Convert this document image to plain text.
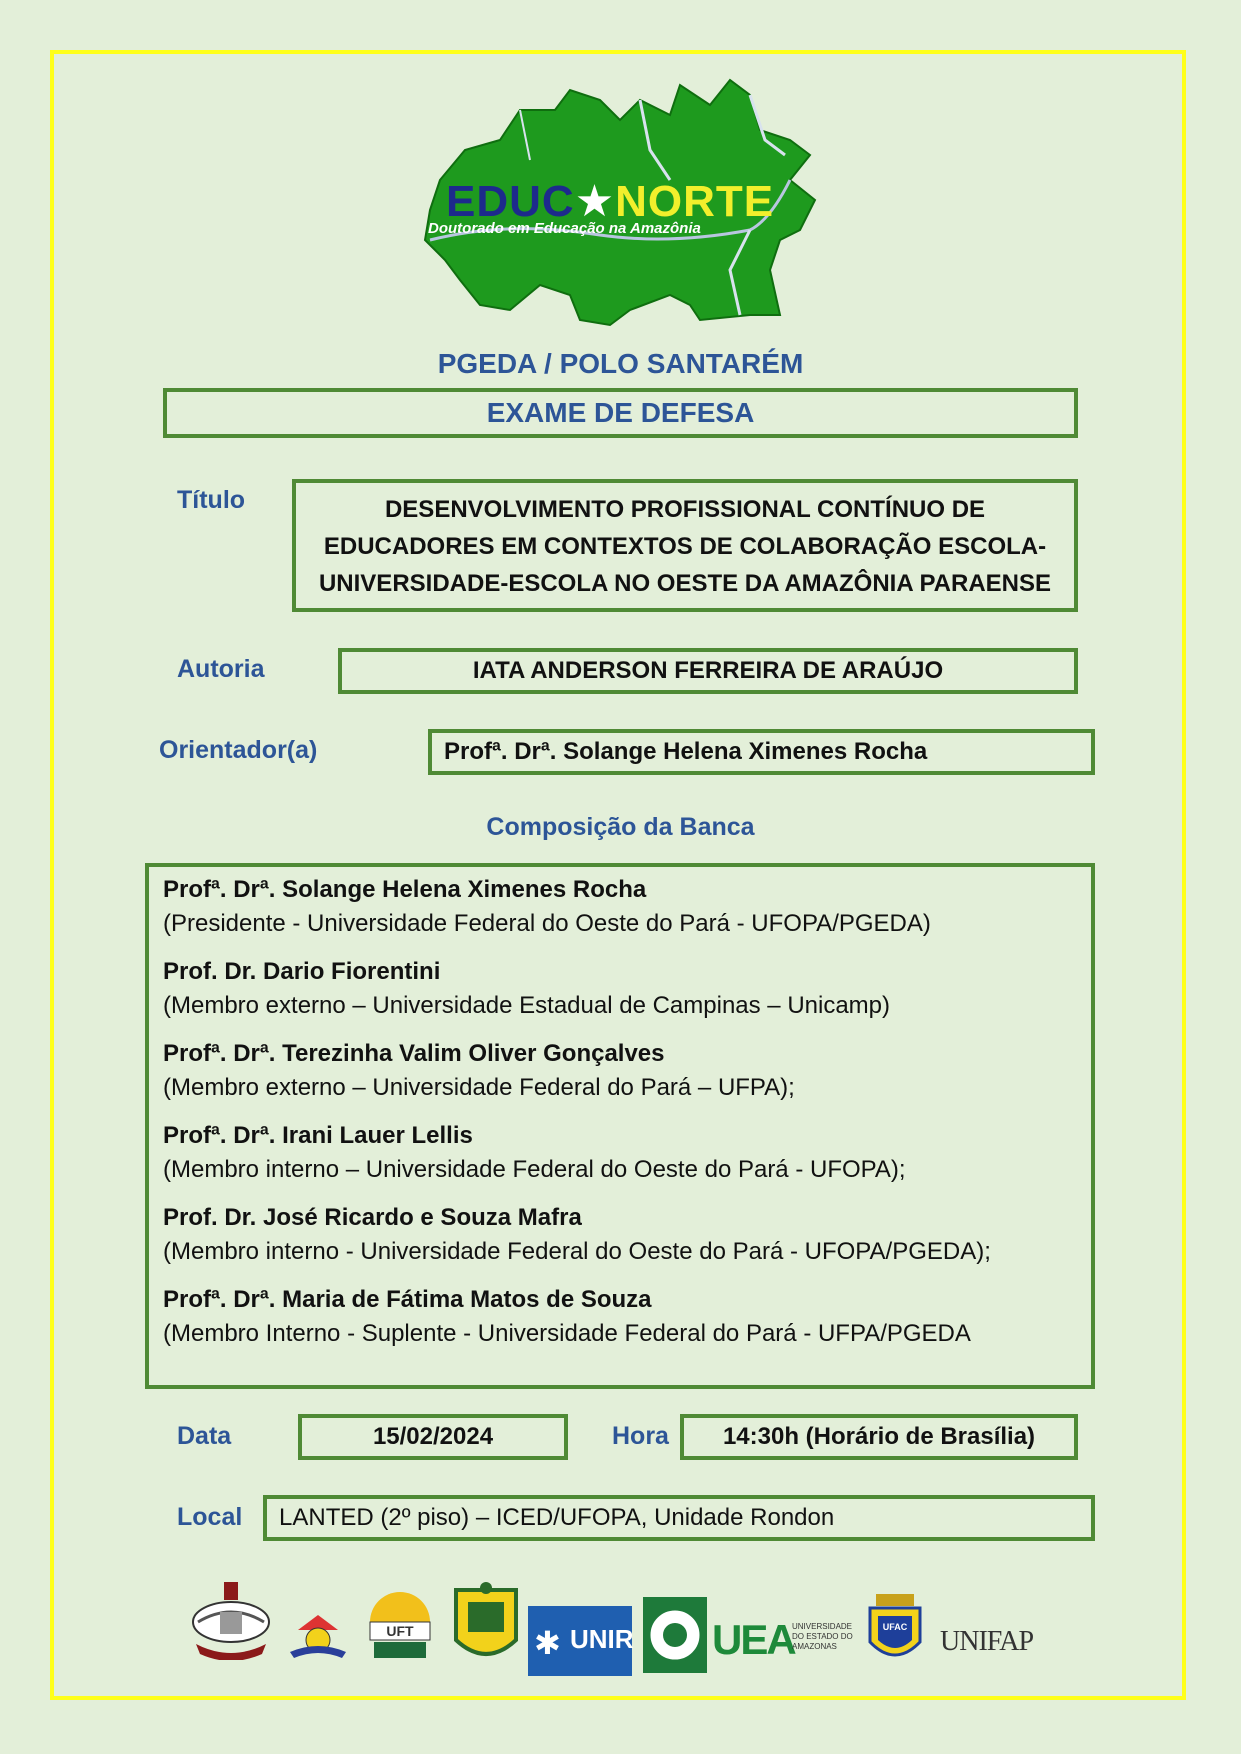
EDUC★NORTE
Doutorado em Educação na Amazônia
PGEDA / POLO SANTARÉM
EXAME DE DEFESA
Título	DESENVOLVIMENTO PROFISSIONAL CONTÍNUO DE
EDUCADORES EM CONTEXTOS DE COLABORAÇÃO ESCOLA-
UNIVERSIDADE-ESCOLA NO OESTE DA AMAZÔNIA PARAENSE
Autoria	IATA ANDERSON FERREIRA DE ARAÚJO
Orientador(a)	Profª. Drª. Solange Helena Ximenes Rocha
Composição da Banca
Profª. Drª. Solange Helena Ximenes Rocha
(Presidente - Universidade Federal do Oeste do Pará - UFOPA/PGEDA)
Prof. Dr. Dario Fiorentini
(Membro externo – Universidade Estadual de Campinas – Unicamp)
Profª. Drª. Terezinha Valim Oliver Gonçalves
(Membro externo – Universidade Federal do Pará – UFPA);
Profª. Drª. Irani Lauer Lellis
(Membro interno – Universidade Federal do Oeste do Pará - UFOPA);
Prof. Dr. José Ricardo e Souza Mafra
(Membro interno - Universidade Federal do Oeste do Pará - UFOPA/PGEDA);
Profª. Drª. Maria de Fátima Matos de Souza
(Membro Interno - Suplente - Universidade Federal do Pará - UFPA/PGEDA
Data	15/02/2024	Hora	14:30h (Horário de Brasília)
Local	LANTED (2º piso) – ICED/UFOPA, Unidade Rondon
UFT	✱ UNIR UEA
UNIVERSIDADE DO ESTADO DO AMAZONAS
UFAC	UNIFAP
